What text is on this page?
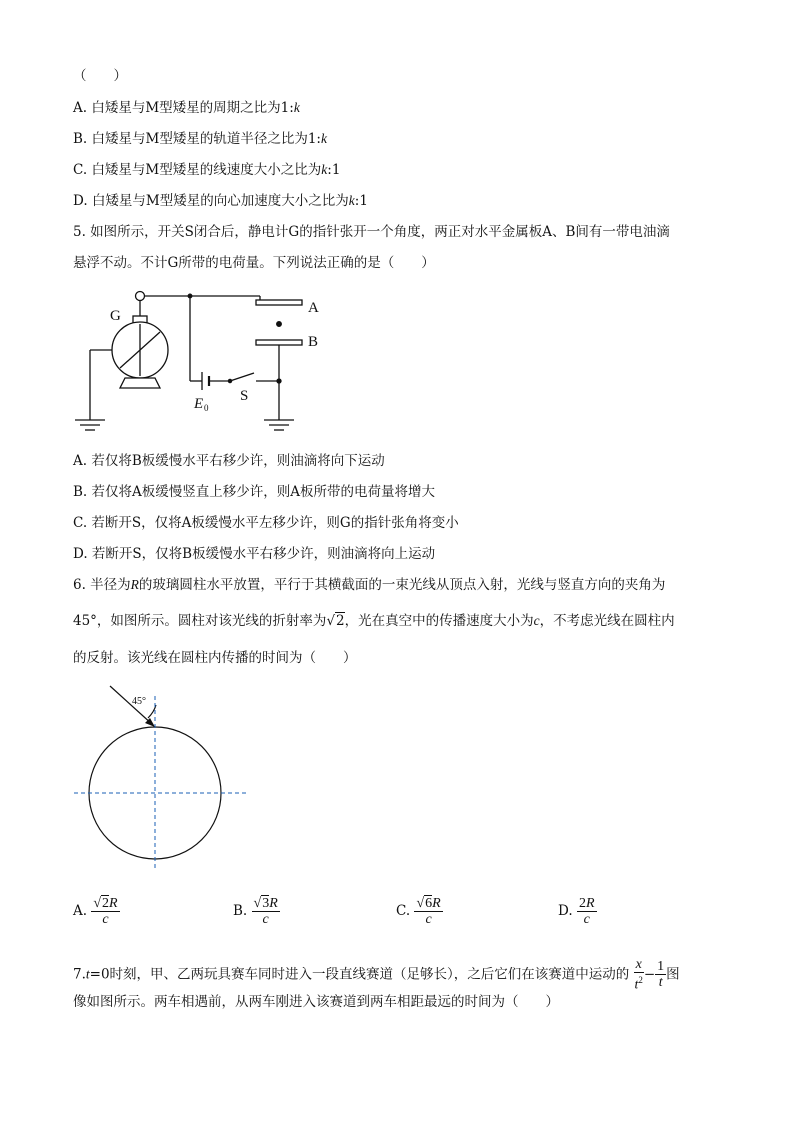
（　　）
A. 白矮星与M型矮星的周期之比为1:k
B. 白矮星与M型矮星的轨道半径之比为1:k
C. 白矮星与M型矮星的线速度大小之比为k:1
D. 白矮星与M型矮星的向心加速度大小之比为k:1
5. 如图所示，开关S闭合后，静电计G的指针张开一个角度，两正对水平金属板A、B间有一带电油滴
悬浮不动。不计G所带的电荷量。下列说法正确的是（　　）
G	A
B
E 0
S
A. 若仅将B板缓慢水平右移少许，则油滴将向下运动
B. 若仅将A板缓慢竖直上移少许，则A板所带的电荷量将增大
C. 若断开S，仅将A板缓慢水平左移少许，则G的指针张角将变小
D. 若断开S，仅将B板缓慢水平右移少许，则油滴将向上运动
6. 半径为R的玻璃圆柱水平放置，平行于其横截面的一束光线从顶点入射，光线与竖直方向的夹角为
45°，如图所示。圆柱对该光线的折射率为√2，光在真空中的传播速度大小为c，不考虑光线在圆柱内
的反射。该光线在圆柱内传播的时间为（　　）
45°
A. $\frac{√2R}{c}$	B. $\frac{√3R}{c}$	C. $\frac{√6R}{c}$	D. $\frac{2R}{c}$
7.t=0时刻，甲、乙两玩具赛车同时进入一段直线赛道（足够长），之后它们在该赛道中运动的 $\frac{x}{t^2} - \frac{1}{t}$ 图
像如图所示。两车相遇前，从两车刚进入该赛道到两车相距最远的时间为（　　）
